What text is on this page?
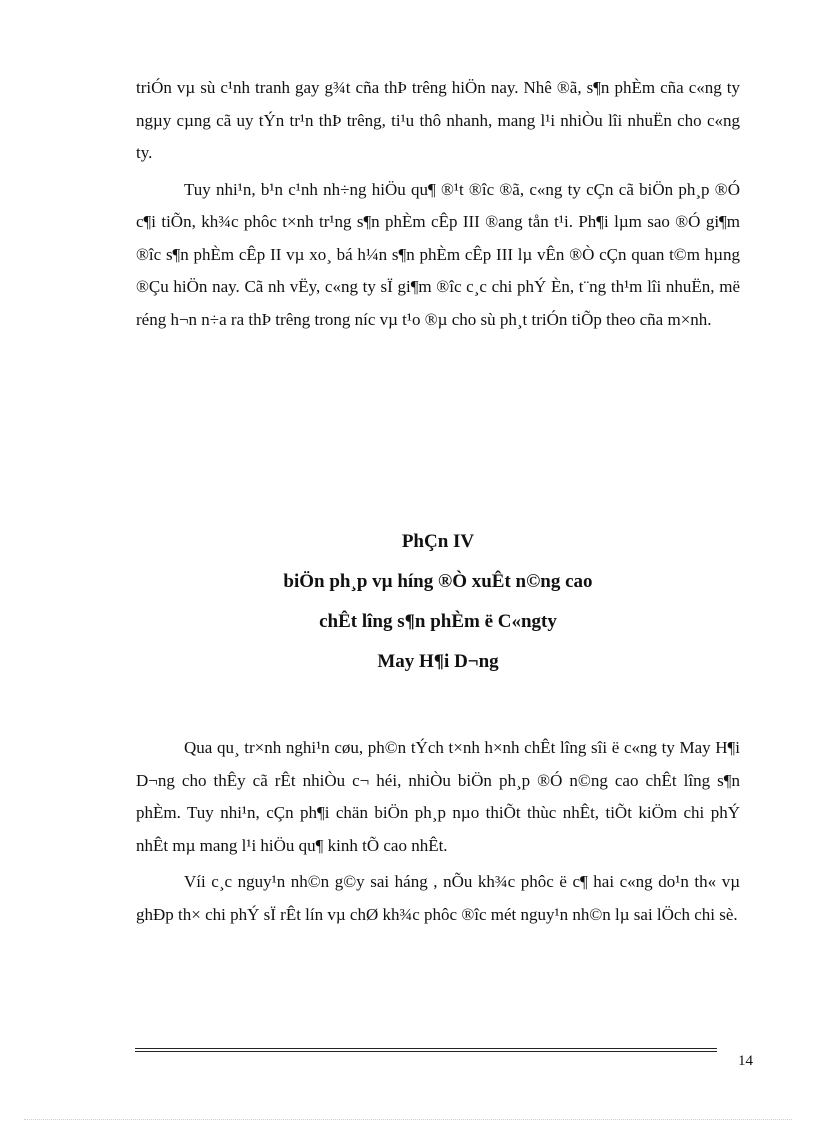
triÓn vµ sù c¹nh tranh gay g¾t cña thÞ trêng hiÖn nay. Nhê ®ã, s¶n phÈm cña c«ng ty ngµy cµng cã uy tÝn tr¹n thÞ trêng, ti¹u thô nhanh, mang l¹i nhiÒu lîi nhuËn cho c«ng ty.

Tuy nhi¹n, b¹n c¹nh nh÷ng hiÖu qu¶ ®¹t ®îc ®ã, c«ng ty cÇn cã biÖn ph¸p ®Ó c¶i tiÕn, kh¾c phôc t×nh tr¹ng s¶n phÈm cÊp III ®ang tån t¹i. Ph¶i lµm sao ®Ó gi¶m ®îc s¶n phÈm cÊp II vµ xo¸ bá h¼n s¶n phÈm cÊp III lµ vÊn ®Ò cÇn quan t©m hµng ®Çu hiÖn nay. Cã nh vËy, c«ng ty sÏ gi¶m ®îc c¸c chi phÝ Èn, t¨ng th¹m lîi nhuËn, më réng h¬n n÷a ra thÞ trêng trong níc vµ t¹o ®µ cho sù ph¸t triÓn tiÕp theo cña m×nh.

PhÇn IV
biÖn ph¸p vµ híng ®Ò xuÊt n©ng cao
chÊt lîng s¶n phÈm ë C«ngty
May H¶i D¬ng

Qua qu¸ tr×nh nghi¹n cøu, ph©n tÝch t×nh h×nh chÊt lîng sîi ë c«ng ty May H¶i D¬ng cho thÊy cã rÊt nhiÒu c¬ héi, nhiÒu biÖn ph¸p ®Ó n©ng cao chÊt lîng s¶n phÈm. Tuy nhi¹n, cÇn ph¶i chän biÖn ph¸p nµo thiÕt thùc nhÊt, tiÕt kiÖm chi phÝ nhÊt mµ mang l¹i hiÖu qu¶ kinh tÕ cao nhÊt.

Víi c¸c nguy¹n nh©n g©y sai háng , nÕu kh¾c phôc ë c¶ hai c«ng do¹n th« vµ ghÐp th× chi phÝ sÏ rÊt lín vµ chØ kh¾c phôc ®îc mét nguy¹n nh©n lµ sai lÖch chi sè.

14
